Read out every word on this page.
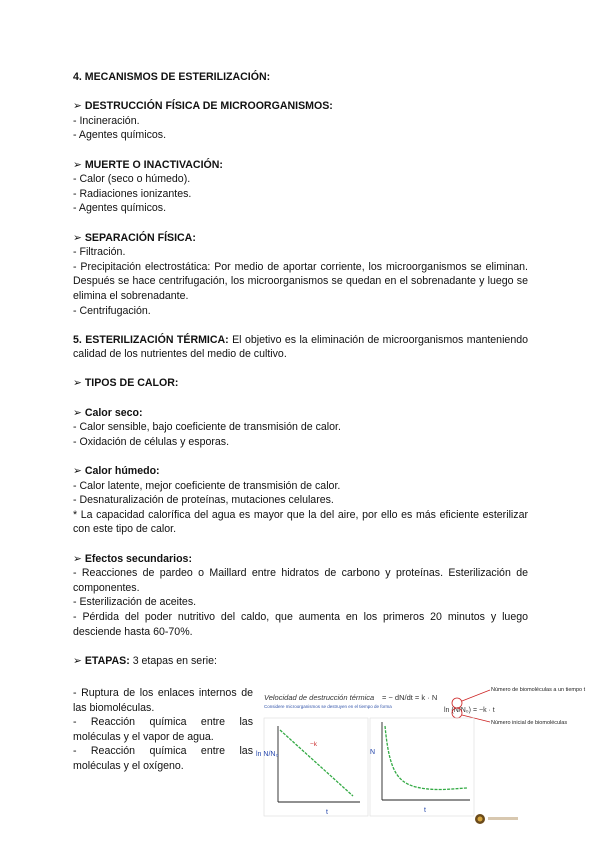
4. MECANISMOS DE ESTERILIZACIÓN:
➢ DESTRUCCIÓN FÍSICA DE MICROORGANISMOS:
- Incineración.
- Agentes químicos.
➢ MUERTE O INACTIVACIÓN:
- Calor (seco o húmedo).
- Radiaciones ionizantes.
- Agentes químicos.
➢ SEPARACIÓN FÍSICA:
- Filtración.
- Precipitación electrostática: Por medio de aportar corriente, los microorganismos se eliminan. Después se hace centrifugación, los microorganismos se quedan en el sobrenadante y luego se elimina el sobrenadante.
- Centrifugación.
5. ESTERILIZACIÓN TÉRMICA: El objetivo es la eliminación de microorganismos manteniendo calidad de los nutrientes del medio de cultivo.
➢ TIPOS DE CALOR:
➢ Calor seco:
- Calor sensible, bajo coeficiente de transmisión de calor.
- Oxidación de células y esporas.
➢ Calor húmedo:
- Calor latente, mejor coeficiente de transmisión de calor.
- Desnaturalización de proteínas, mutaciones celulares.
* La capacidad calorífica del agua es mayor que la del aire, por ello es más eficiente esterilizar con este tipo de calor.
➢ Efectos secundarios:
- Reacciones de pardeo o Maillard entre hidratos de carbono y proteínas. Esterilización de componentes.
- Esterilización de aceites.
- Pérdida del poder nutritivo del caldo, que aumenta en los primeros 20 minutos y luego desciende hasta 60-70%.
➢ ETAPAS: 3 etapas en serie:
- Ruptura de los enlaces internos de las biomoléculas.
- Reacción química entre las moléculas y el vapor de agua.
- Reacción química entre las moléculas y el oxígeno.
Velocidad de destrucción térmica = − dN/dt = k · N
Considere microorganismos se destruyen en el tiempo de forma
ln (N/N₀) = −k · t
Número de biomoléculas a un tiempo t
Número inicial de biomoléculas
ln N/N₀
−k
t
N
t
